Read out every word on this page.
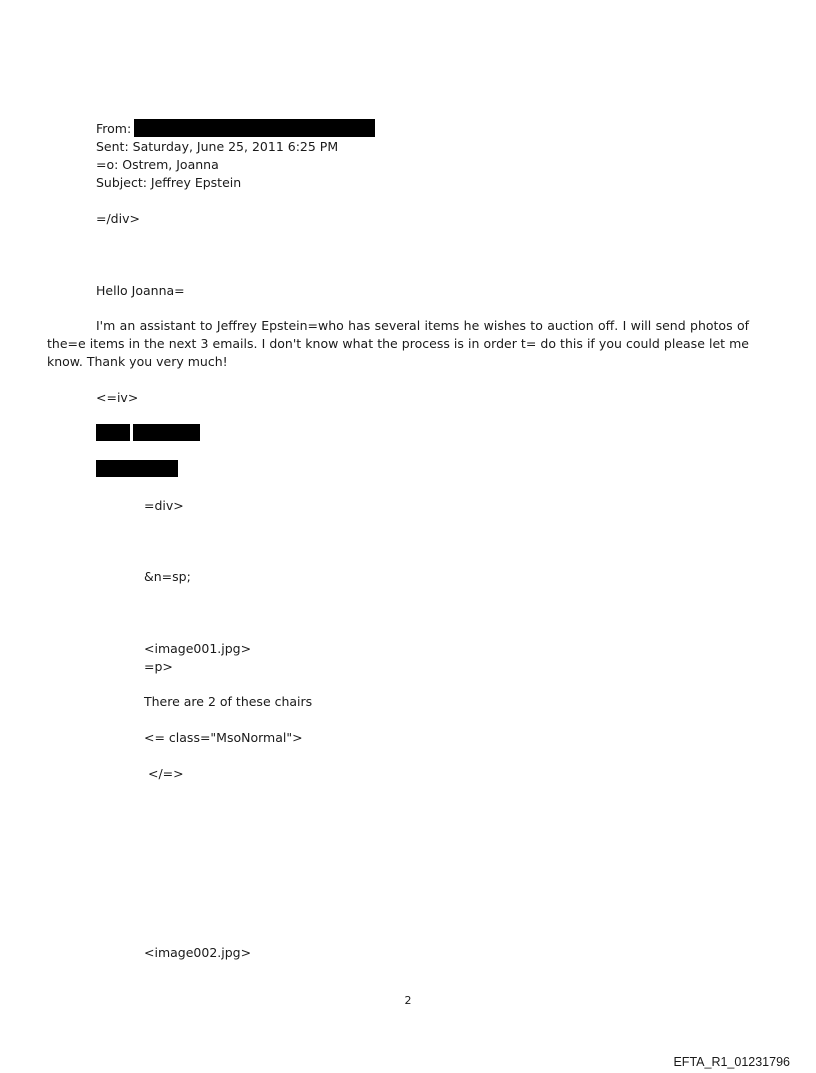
From:
Sent: Saturday, June 25, 2011 6:25 PM
=o: Ostrem, Joanna
Subject: Jeffrey Epstein
=/div>
Hello Joanna=
I'm an assistant to Jeffrey Epstein=who has several items he wishes to auction off. I will send photos of the=e items in the next 3 emails. I don't know what the process is in order t= do this if you could please let me know. Thank you very much!
<=iv>
=div>
&n=sp;
<image001.jpg>
=p>
There are 2 of these chairs
<= class="MsoNormal">
</=>
<image002.jpg>
2
EFTA_R1_01231796
